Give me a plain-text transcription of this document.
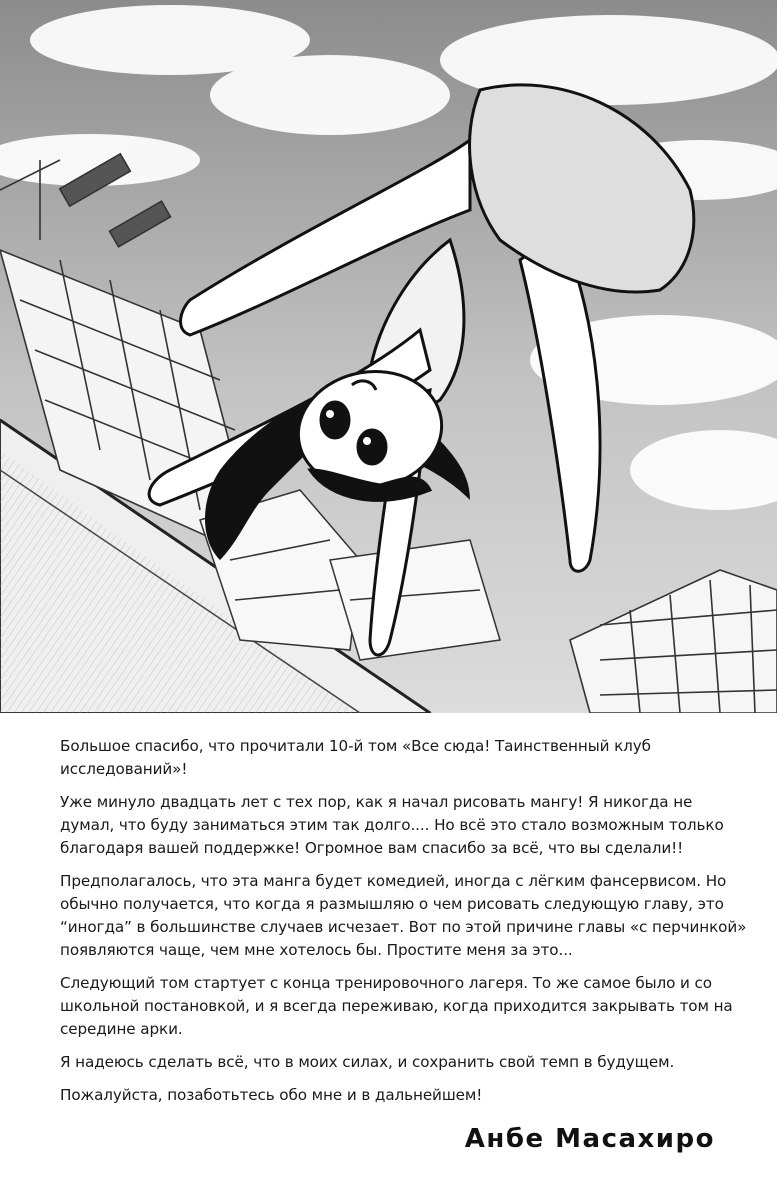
Большое спасибо, что прочитали 10-й том «Все сюда! Таинственный клуб исследований»!

Уже минуло двадцать лет с тех пор, как я начал рисовать мангу! Я никогда не думал, что буду заниматься этим так долго.... Но всё это стало возможным только благодаря вашей поддержке! Огромное вам спасибо за всё, что вы сделали!!

Предполагалось, что эта манга будет комедией, иногда с лёгким фансервисом. Но обычно получается, что когда я размышляю о чем рисовать следующую главу, это “иногда” в большинстве случаев исчезает. Вот по этой причине главы «с перчинкой» появляются чаще, чем мне хотелось бы. Простите меня за это...

Следующий том стартует с конца тренировочного лагеря. То же самое было и со школьной постановкой, и я всегда переживаю, когда приходится закрывать том на середине арки.

Я надеюсь сделать всё, что в моих силах, и сохранить свой темп в будущем.

Пожалуйста, позаботьтесь обо мне и в дальнейшем!

Анбе Масахиро
